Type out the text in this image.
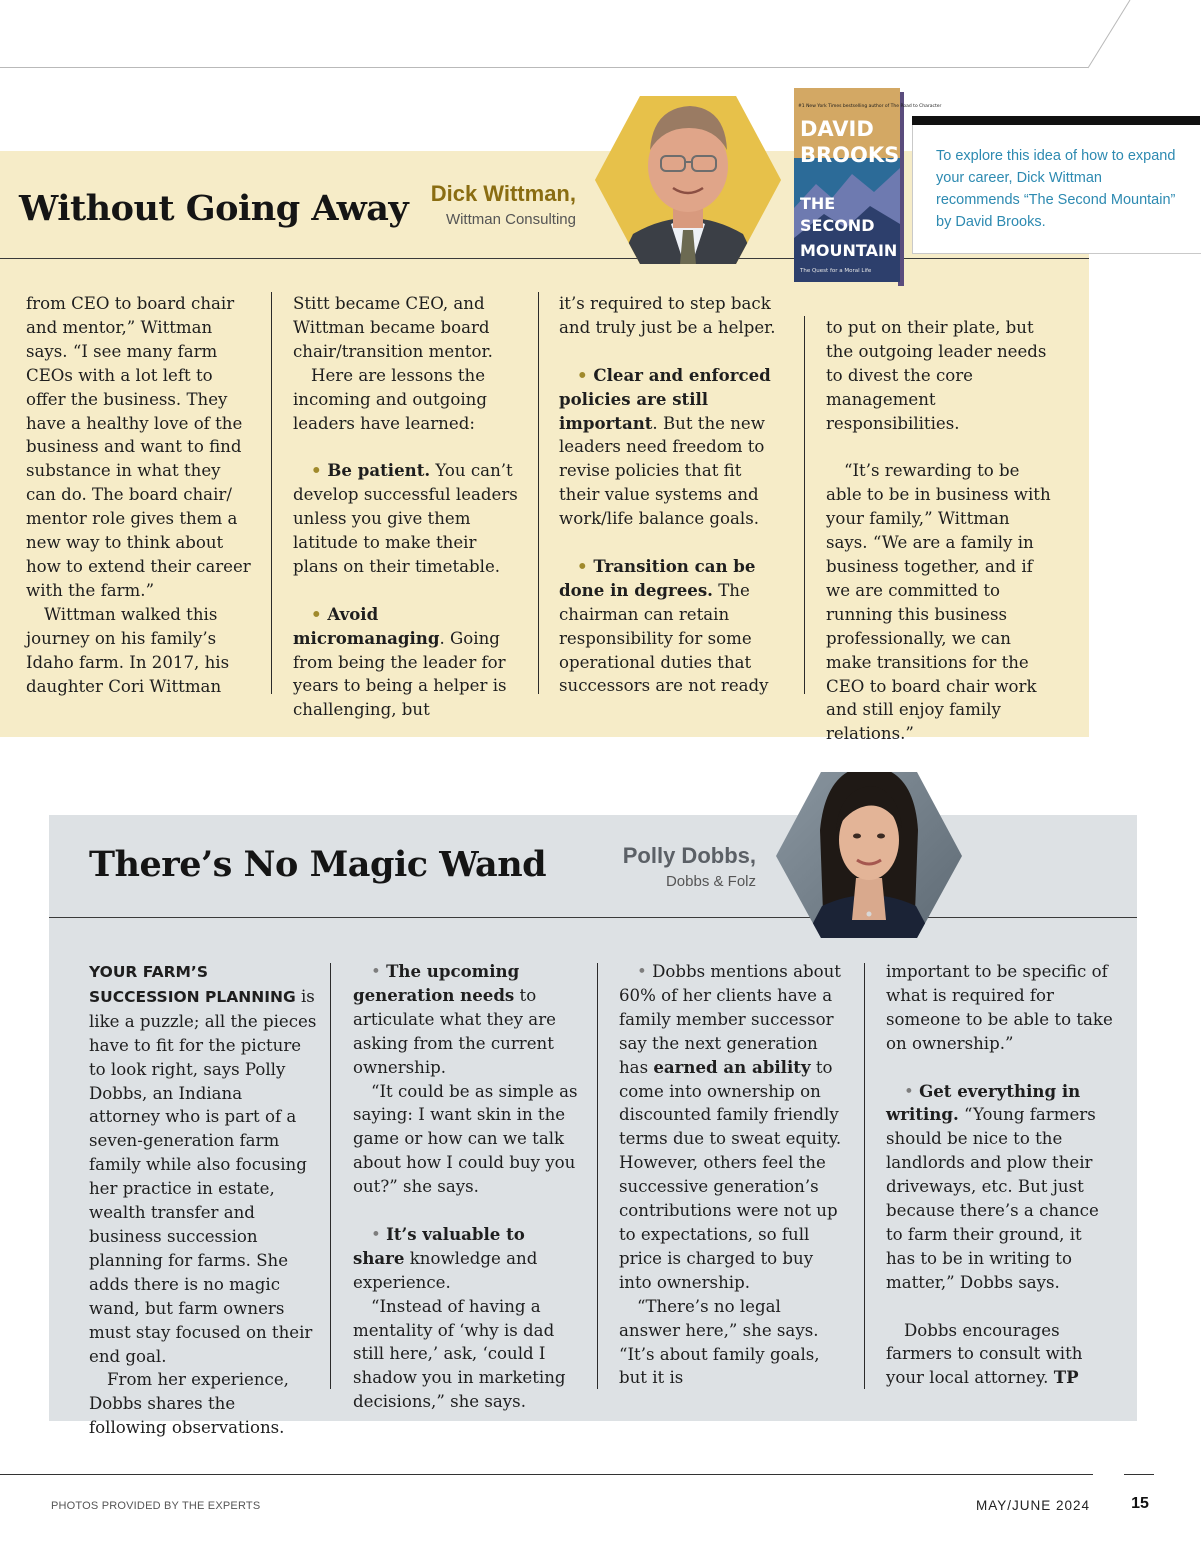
Without Going Away	Dick Wittman,
Wittman Consulting
#1 New York Times bestselling author of The Road to Character
DAVID
BROOKS
THE
SECOND
MOUNTAIN
The Quest for a Moral Life
To explore this idea of how to expand your career, Dick Wittman recommends “The Second Mountain” by David Brooks.

from CEO to board chair and mentor,” Wittman says. “I see many farm CEOs with a lot left to offer the business. They have a healthy love of the business and want to find substance in what they can do. The board chair/ mentor role gives them a new way to think about how to extend their career with the farm.”

Wittman walked this journey on his family’s Idaho farm. In 2017, his daughter Cori Wittman

Stitt became CEO, and Wittman became board chair/transition mentor.

Here are lessons the incoming and outgoing leaders have learned:

• Be patient. You can’t develop successful leaders unless you give them latitude to make their plans on their timetable.

• Avoid micromanaging. Going from being the leader for years to being a helper is challenging, but

it’s required to step back and truly just be a helper.

• Clear and enforced policies are still important. But the new leaders need freedom to revise policies that fit their value systems and work/life balance goals.

• Transition can be done in degrees. The chairman can retain responsibility for some operational duties that successors are not ready

to put on their plate, but the outgoing leader needs to divest the core management responsibilities.

“It’s rewarding to be able to be in business with your family,” Wittman says. “We are a family in business together, and if we are committed to running this business professionally, we can make transitions for the CEO to board chair work and still enjoy family relations.”

There’s No Magic Wand	Polly Dobbs,
Dobbs & Folz

YOUR FARM’S SUCCESSION PLANNING is like a puzzle; all the pieces have to fit for the picture to look right, says Polly Dobbs, an Indiana attorney who is part of a seven-generation farm family while also focusing her practice in estate, wealth transfer and business succession planning for farms. She adds there is no magic wand, but farm owners must stay focused on their end goal.

From her experience, Dobbs shares the following observations.

• The upcoming generation needs to articulate what they are asking from the current ownership.

“It could be as simple as saying: I want skin in the game or how can we talk about how I could buy you out?” she says.

• It’s valuable to share knowledge and experience.

“Instead of having a mentality of ‘why is dad still here,’ ask, ‘could I shadow you in marketing decisions,” she says.

• Dobbs mentions about 60% of her clients have a family member successor say the next generation has earned an ability to come into ownership on discounted family friendly terms due to sweat equity. However, others feel the successive generation’s contributions were not up to expectations, so full price is charged to buy into ownership.

“There’s no legal answer here,” she says. “It’s about family goals, but it is

important to be specific of what is required for someone to be able to take on ownership.”

• Get everything in writing. “Young farmers should be nice to the landlords and plow their driveways, etc. But just because there’s a chance to farm their ground, it has to be in writing to matter,” Dobbs says.

Dobbs encourages farmers to consult with your local attorney. TP

PHOTOS PROVIDED BY THE EXPERTS	MAY/JUNE 2024	15
